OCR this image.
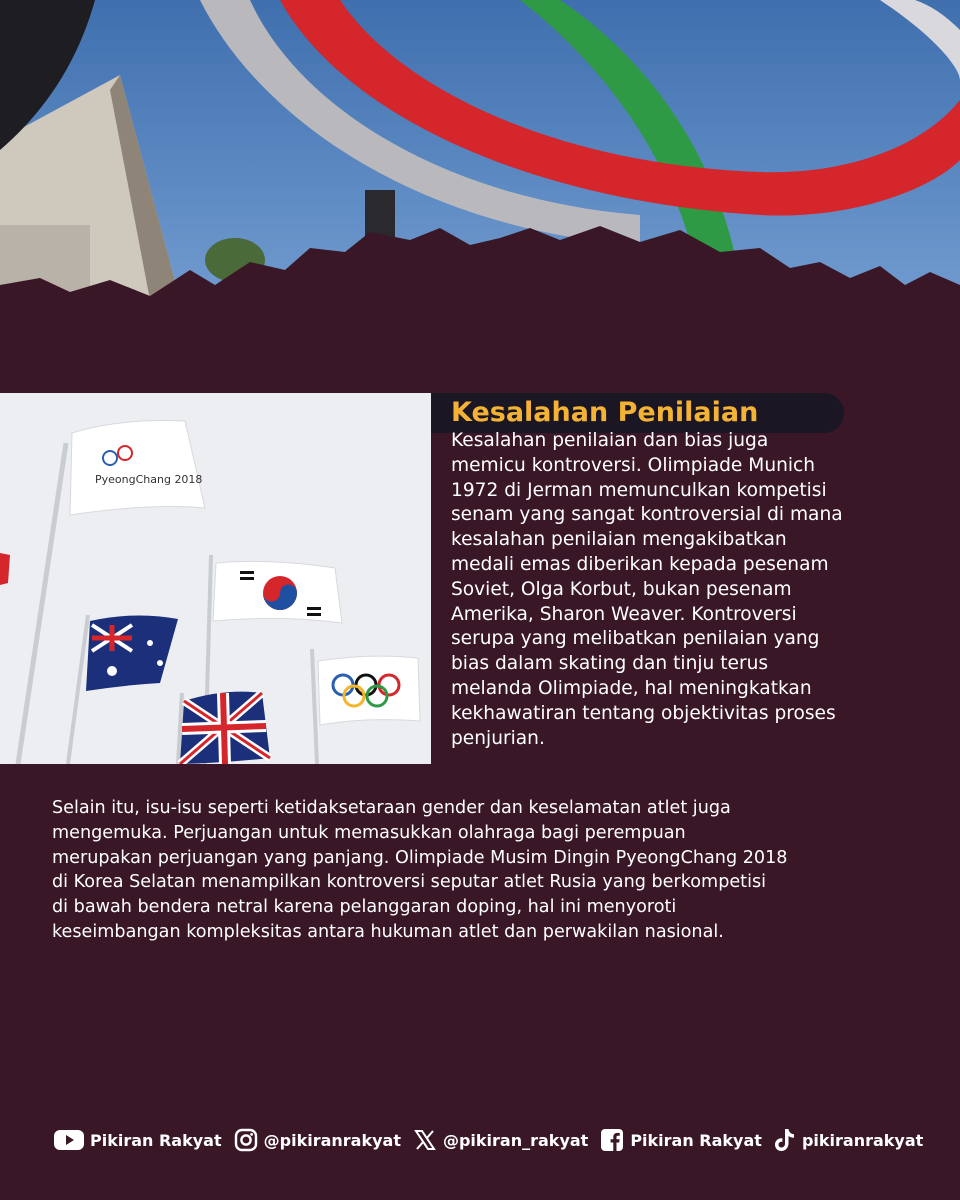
PyeongChang 2018
Kesalahan Penilaian

Kesalahan penilaian dan bias juga
memicu kontroversi. Olimpiade Munich
1972 di Jerman memunculkan kompetisi
senam yang sangat kontroversial di mana
kesalahan penilaian mengakibatkan
medali emas diberikan kepada pesenam
Soviet, Olga Korbut, bukan pesenam
Amerika, Sharon Weaver. Kontroversi
serupa yang melibatkan penilaian yang
bias dalam skating dan tinju terus
melanda Olimpiade, hal meningkatkan
kekhawatiran tentang objektivitas proses
penjurian.

Selain itu, isu-isu seperti ketidaksetaraan gender dan keselamatan atlet juga
mengemuka. Perjuangan untuk memasukkan olahraga bagi perempuan
merupakan perjuangan yang panjang. Olimpiade Musim Dingin PyeongChang 2018
di Korea Selatan menampilkan kontroversi seputar atlet Rusia yang berkompetisi
di bawah bendera netral karena pelanggaran doping, hal ini menyoroti
keseimbangan kompleksitas antara hukuman atlet dan perwakilan nasional.

Pikiran Rakyat	@pikiranrakyat	@pikiran_rakyat	Pikiran Rakyat	pikiranrakyat
